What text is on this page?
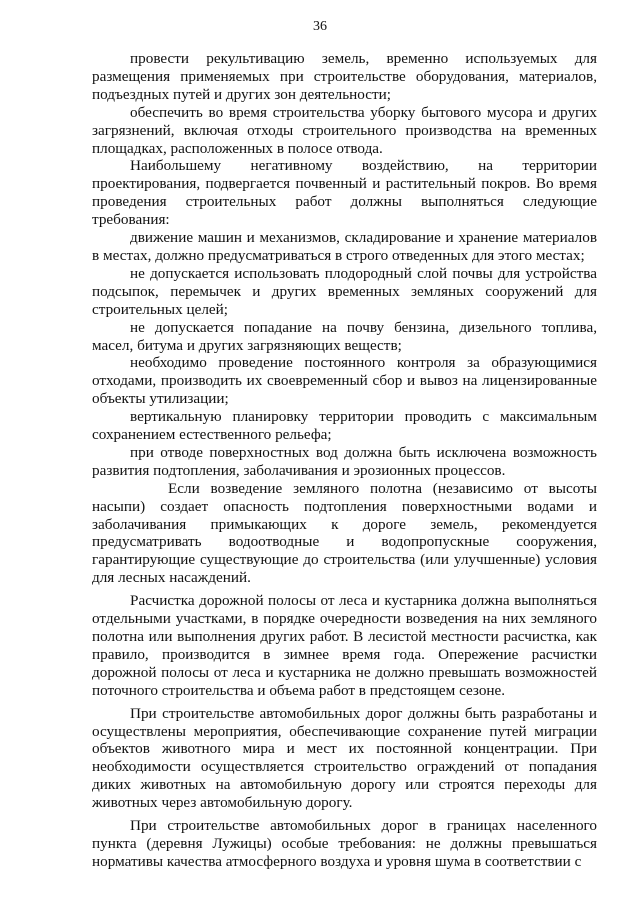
36

провести рекультивацию земель, временно используемых для размещения применяемых при строительстве оборудования, материалов, подъездных путей и других зон деятельности;

обеспечить во время строительства уборку бытового мусора и других загрязнений, включая отходы строительного производства на временных площадках, расположенных в полосе отвода.

Наибольшему негативному воздействию, на территории проектирования, подвергается почвенный и растительный покров. Во время проведения строительных работ должны выполняться следующие требования:

движение машин и механизмов, складирование и хранение материалов в местах, должно предусматриваться в строго отведенных для этого местах;

не допускается использовать плодородный слой почвы для устройства подсыпок, перемычек и других временных земляных сооружений для строительных целей;

не допускается попадание на почву бензина, дизельного топлива, масел, битума и других загрязняющих веществ;

необходимо проведение постоянного контроля за образующимися отходами, производить их своевременный сбор и вывоз на лицензированные объекты утилизации;

вертикальную планировку территории проводить с максимальным сохранением естественного рельефа;

при отводе поверхностных вод должна быть исключена возможность развития подтопления, заболачивания и эрозионных процессов.

Если возведение земляного полотна (независимо от высоты насыпи) создает опасность подтопления поверхностными водами и заболачивания примыкающих к дороге земель, рекомендуется предусматривать водоотводные и водопропускные сооружения, гарантирующие существующие до строительства (или улучшенные) условия для лесных насаждений.

Расчистка дорожной полосы от леса и кустарника должна выполняться отдельными участками, в порядке очередности возведения на них земляного полотна или выполнения других работ. В лесистой местности расчистка, как правило, производится в зимнее время года. Опережение расчистки дорожной полосы от леса и кустарника не должно превышать возможностей поточного строительства и объема работ в предстоящем сезоне.

При строительстве автомобильных дорог должны быть разработаны и осуществлены мероприятия, обеспечивающие сохранение путей миграции объектов животного мира и мест их постоянной концентрации. При необходимости осуществляется строительство ограждений от попадания диких животных на автомобильную дорогу или строятся переходы для животных через автомобильную дорогу.

При строительстве автомобильных дорог в границах населенного пункта (деревня Лужицы) особые требования: не должны превышаться нормативы качества атмосферного воздуха и уровня шума в соответствии с
